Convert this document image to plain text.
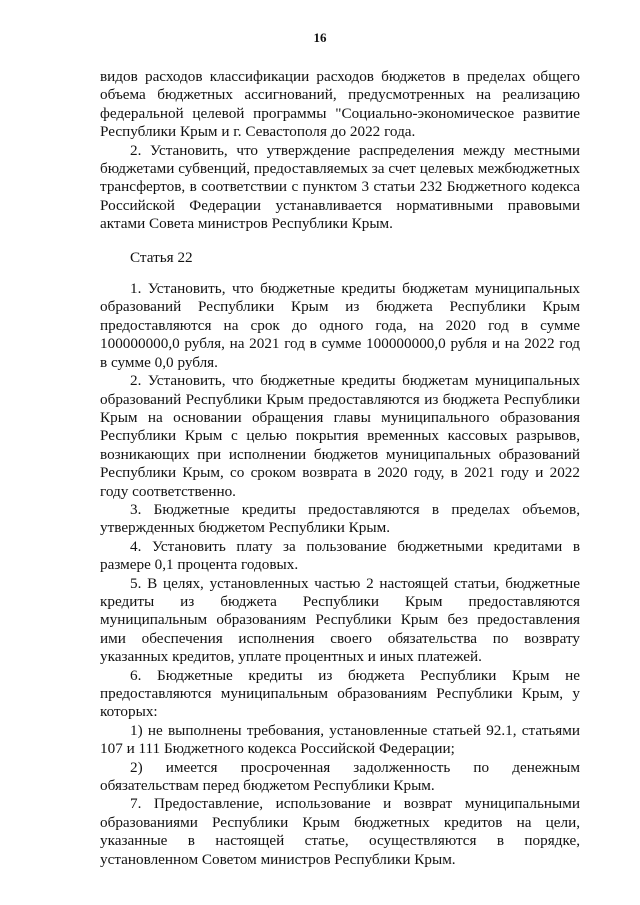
16

видов расходов классификации расходов бюджетов в пределах общего объема бюджетных ассигнований, предусмотренных на реализацию федеральной целевой программы "Социально-экономическое развитие Республики Крым и г. Севастополя до 2022 года.

2. Установить, что утверждение распределения между местными бюджетами субвенций, предоставляемых за счет целевых межбюджетных трансфертов, в соответствии с пунктом 3 статьи 232 Бюджетного кодекса Российской Федерации устанавливается нормативными правовыми актами Совета министров Республики Крым.

Статья 22

1. Установить, что бюджетные кредиты бюджетам муниципальных образований Республики Крым из бюджета Республики Крым предоставляются на срок до одного года, на 2020 год в сумме 100000000,0 рубля, на 2021 год в сумме 100000000,0 рубля и на 2022 год в сумме 0,0 рубля.

2. Установить, что бюджетные кредиты бюджетам муниципальных образований Республики Крым предоставляются из бюджета Республики Крым на основании обращения главы муниципального образования Республики Крым с целью покрытия временных кассовых разрывов, возникающих при исполнении бюджетов муниципальных образований Республики Крым, со сроком возврата в 2020 году, в 2021 году и 2022 году соответственно.

3. Бюджетные кредиты предоставляются в пределах объемов, утвержденных бюджетом Республики Крым.

4. Установить плату за пользование бюджетными кредитами в размере 0,1 процента годовых.

5. В целях, установленных частью 2 настоящей статьи, бюджетные кредиты из бюджета Республики Крым предоставляются муниципальным образованиям Республики Крым без предоставления ими обеспечения исполнения своего обязательства по возврату указанных кредитов, уплате процентных и иных платежей.

6. Бюджетные кредиты из бюджета Республики Крым не предоставляются муниципальным образованиям Республики Крым, у которых:

1) не выполнены требования, установленные статьей 92.1, статьями 107 и 111 Бюджетного кодекса Российской Федерации;

2) имеется просроченная задолженность по денежным обязательствам перед бюджетом Республики Крым.

7. Предоставление, использование и возврат муниципальными образованиями Республики Крым бюджетных кредитов на цели, указанные в настоящей статье, осуществляются в порядке, установленном Советом министров Республики Крым.
